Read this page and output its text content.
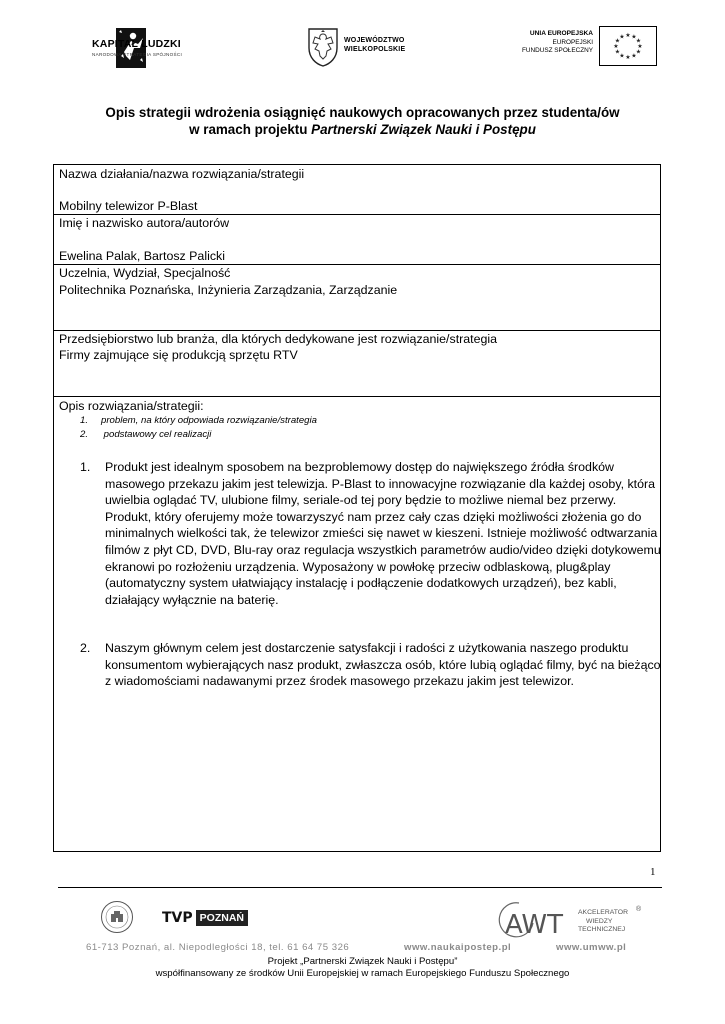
KAPITAŁ LUDZKI
NARODOWA STRATEGIA SPÓJNOŚCI
WOJEWÓDZTWO
WIELKOPOLSKIE
UNIA EUROPEJSKA
EUROPEJSKI
FUNDUSZ SPOŁECZNY
★ ★
★
★
★
★
★
★
★
★
★
★
Opis strategii wdrożenia osiągnięć naukowych opracowanych przez studenta/ów
w ramach projektu Partnerski Związek Nauki i Postępu
Nazwa działania/nazwa rozwiązania/strategii
Mobilny telewizor P-Blast
Imię i nazwisko autora/autorów
Ewelina Palak, Bartosz Palicki
Uczelnia, Wydział, Specjalność
Politechnika Poznańska, Inżynieria Zarządzania, Zarządzanie
Przedsiębiorstwo lub branża, dla których dedykowane jest rozwiązanie/strategia
Firmy zajmujące się produkcją sprzętu RTV
Opis rozwiązania/strategii:
1. problem, na który odpowiada rozwiązanie/strategia
2. podstawowy cel realizacji
1. Produkt jest idealnym sposobem na bezproblemowy dostęp do największego źródła środków
masowego przekazu jakim jest telewizja. P-Blast to innowacyjne rozwiązanie dla każdej osoby, która
uwielbia oglądać TV, ulubione filmy, seriale-od tej pory będzie to możliwe niemal bez przerwy.
Produkt, który oferujemy może towarzyszyć nam przez cały czas dzięki możliwości złożenia go do
minimalnych wielkości tak, że telewizor zmieści się nawet w kieszeni. Istnieje możliwość odtwarzania
filmów z płyt CD, DVD, Blu-ray oraz regulacja wszystkich parametrów audio/video dzięki dotykowemu
ekranowi po rozłożeniu urządzenia. Wyposażony w powłokę przeciw odblaskową, plug&play
(automatyczny system ułatwiający instalację i podłączenie dodatkowych urządzeń), bez kabli,
działający wyłącznie na baterię.
2. Naszym głównym celem jest dostarczenie satysfakcji i radości z użytkowania naszego produktu
konsumentom wybierających nasz produkt, zwłaszcza osób, które lubią oglądać filmy, być na bieżąco
z wiadomościami nadawanymi przez środek masowego przekazu jakim jest telewizor.
1
TVP POZNAŃ	AWT AKCELERATOR
WIEDZY
TECHNICZNEJ
®
61-713 Poznań, al. Niepodległości 18, tel. 61 64 75 326	www.naukaipostep.pl	www.umww.pl
Projekt „Partnerski Związek Nauki i Postępu”
współfinansowany ze środków Unii Europejskiej w ramach Europejskiego Funduszu Społecznego
